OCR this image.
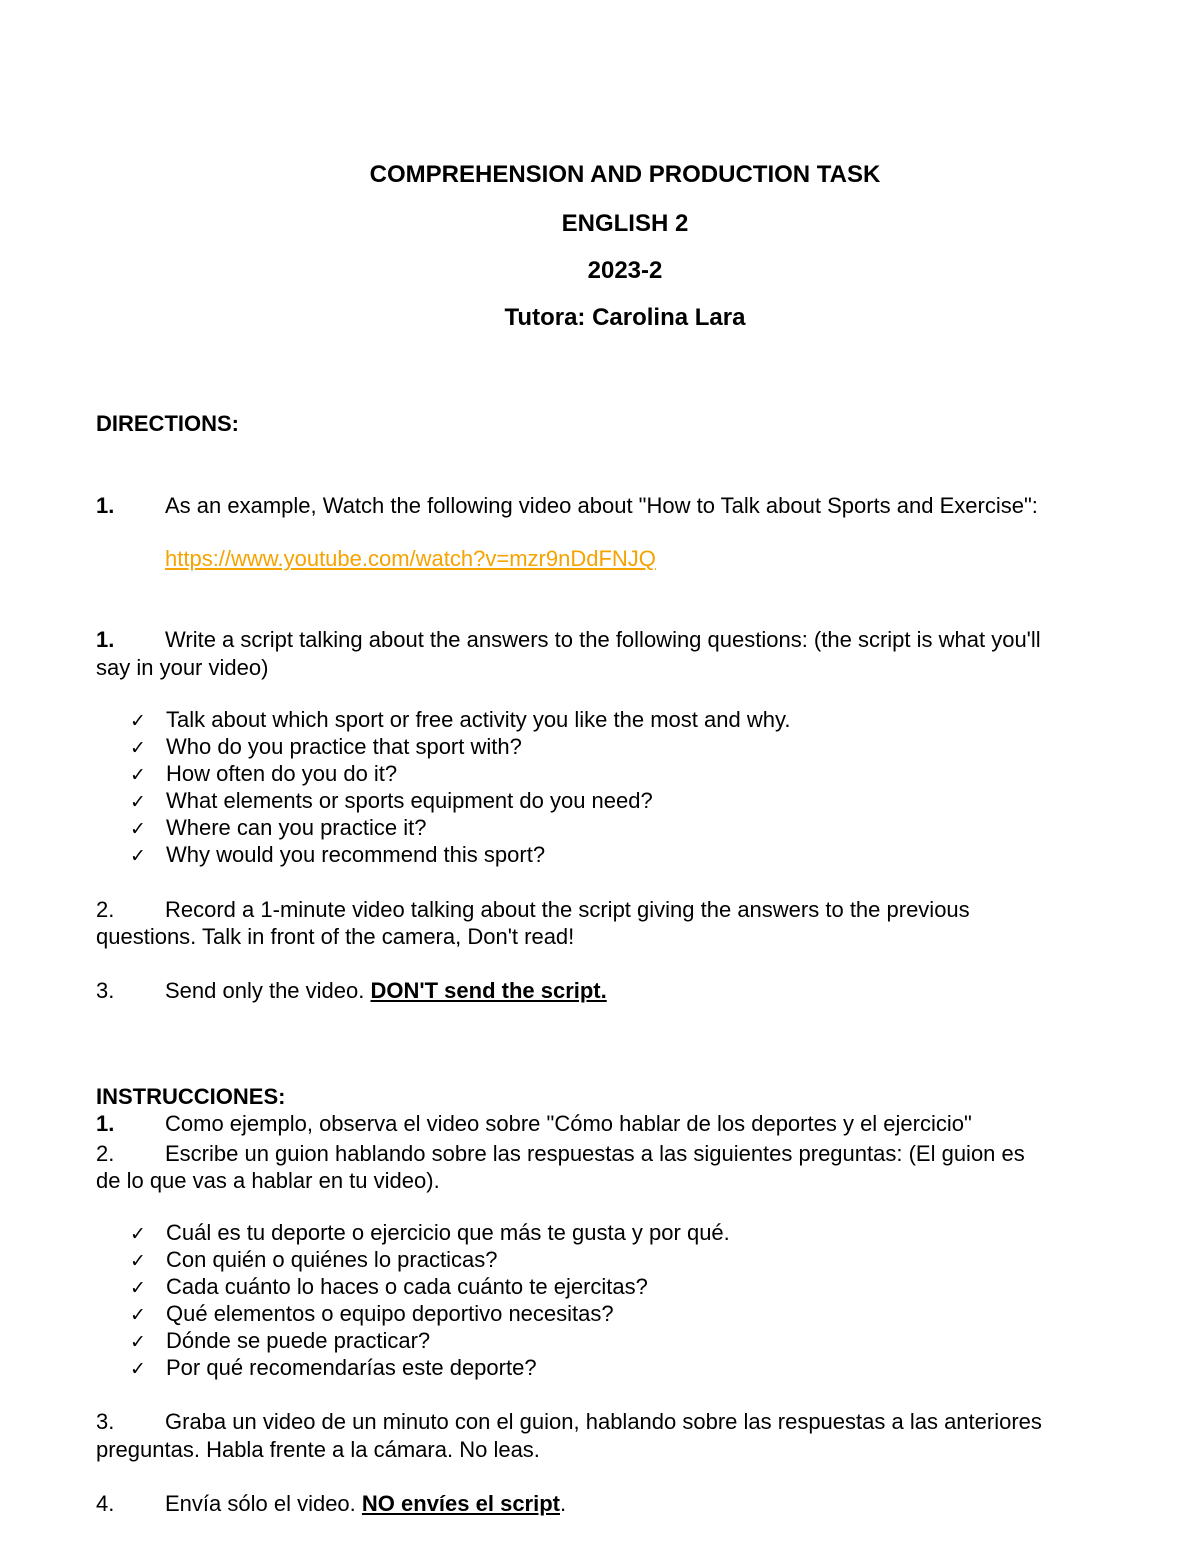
COMPREHENSION AND PRODUCTION TASK
ENGLISH 2
2023-2
Tutora: Carolina Lara
DIRECTIONS:
1. As an example, Watch the following video about "How to Talk about Sports and Exercise":
https://www.youtube.com/watch?v=mzr9nDdFNJQ
1. Write a script talking about the answers to the following questions: (the script is what you'll
say in your video)
✓ Talk about which sport or free activity you like the most and why.
✓ Who do you practice that sport with?
✓ How often do you do it?
✓ What elements or sports equipment do you need?
✓ Where can you practice it?
✓ Why would you recommend this sport?
2. Record a 1-minute video talking about the script giving the answers to the previous
questions. Talk in front of the camera, Don't read!
3. Send only the video. DON'T send the script.
INSTRUCCIONES:
1. Como ejemplo, observa el video sobre "Cómo hablar de los deportes y el ejercicio"
2. Escribe un guion hablando sobre las respuestas a las siguientes preguntas: (El guion es
de lo que vas a hablar en tu video).
✓ Cuál es tu deporte o ejercicio que más te gusta y por qué.
✓ Con quién o quiénes lo practicas?
✓ Cada cuánto lo haces o cada cuánto te ejercitas?
✓ Qué elementos o equipo deportivo necesitas?
✓ Dónde se puede practicar?
✓ Por qué recomendarías este deporte?
3. Graba un video de un minuto con el guion, hablando sobre las respuestas a las anteriores
preguntas. Habla frente a la cámara. No leas.
4. Envía sólo el video. NO envíes el script.
